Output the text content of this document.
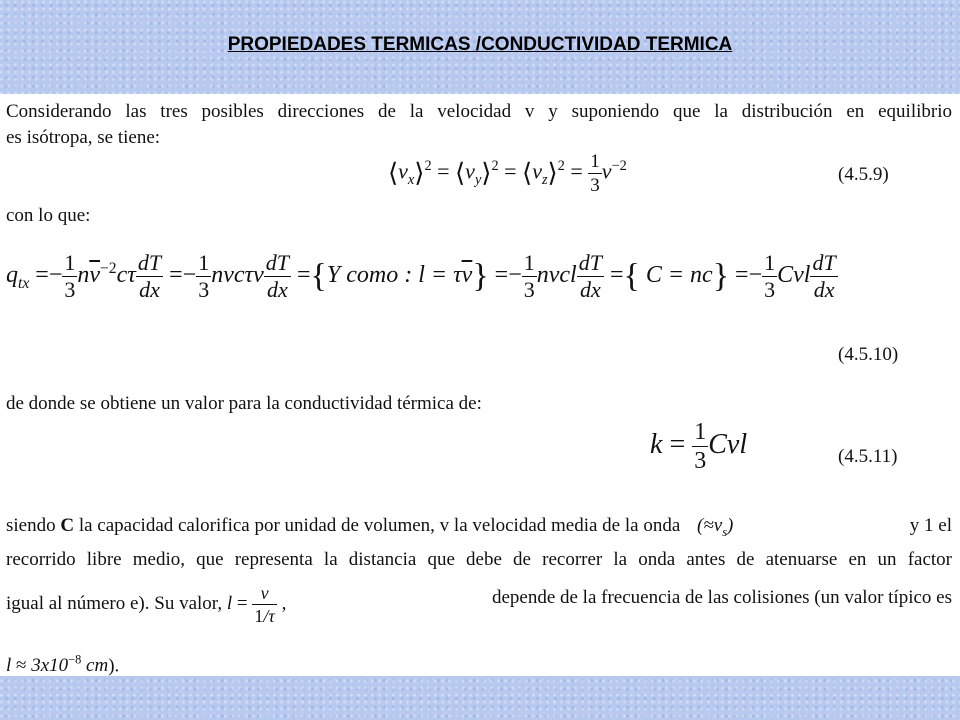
PROPIEDADES TERMICAS /CONDUCTIVIDAD TERMICA
Considerando las tres posibles direcciones de la velocidad v y suponiendo que la distribución en equilibrio
es isótropa, se tiene:
$⟨v_x⟩^2$ = $⟨v_y⟩^2$ = $⟨v_z⟩^2 = \frac{1}{3} v^{-2}$	(4.5.9)
con lo que:
$q_{tx} =- \frac{1}{3} n\overline{v}^{-2}c\tau \frac{dT}{dx} =- \frac{1}{3}$ nvcτv $\frac{dT}{dx} =\{Y$ como : $l = \tau\overline{v}\} =- \frac{1}{3}$ nvcl $\frac{dT}{dx}$ ={ $C = nc\} =- \frac{1}{3}$ Cvl $\frac{dT}{dx}$
(4.5.10)
de donde se obtiene un valor para la conductividad térmica de:
$k = \frac{1}{3}$ Cvl	(4.5.11)
siendo C la capacidad calorifica por unidad de volumen, v la velocidad media de la onda $(\approx v_s)$	y 1 el
recorrido libre medio, que representa la distancia que debe de recorrer la onda antes de atenuarse en un factor
igual al número e). Su valor, $l = \frac{v}{1/\tau}$ ,	depende de la frecuencia de las colisiones (un valor típico es
$l \approx 3x10^{-8}$ cm).
